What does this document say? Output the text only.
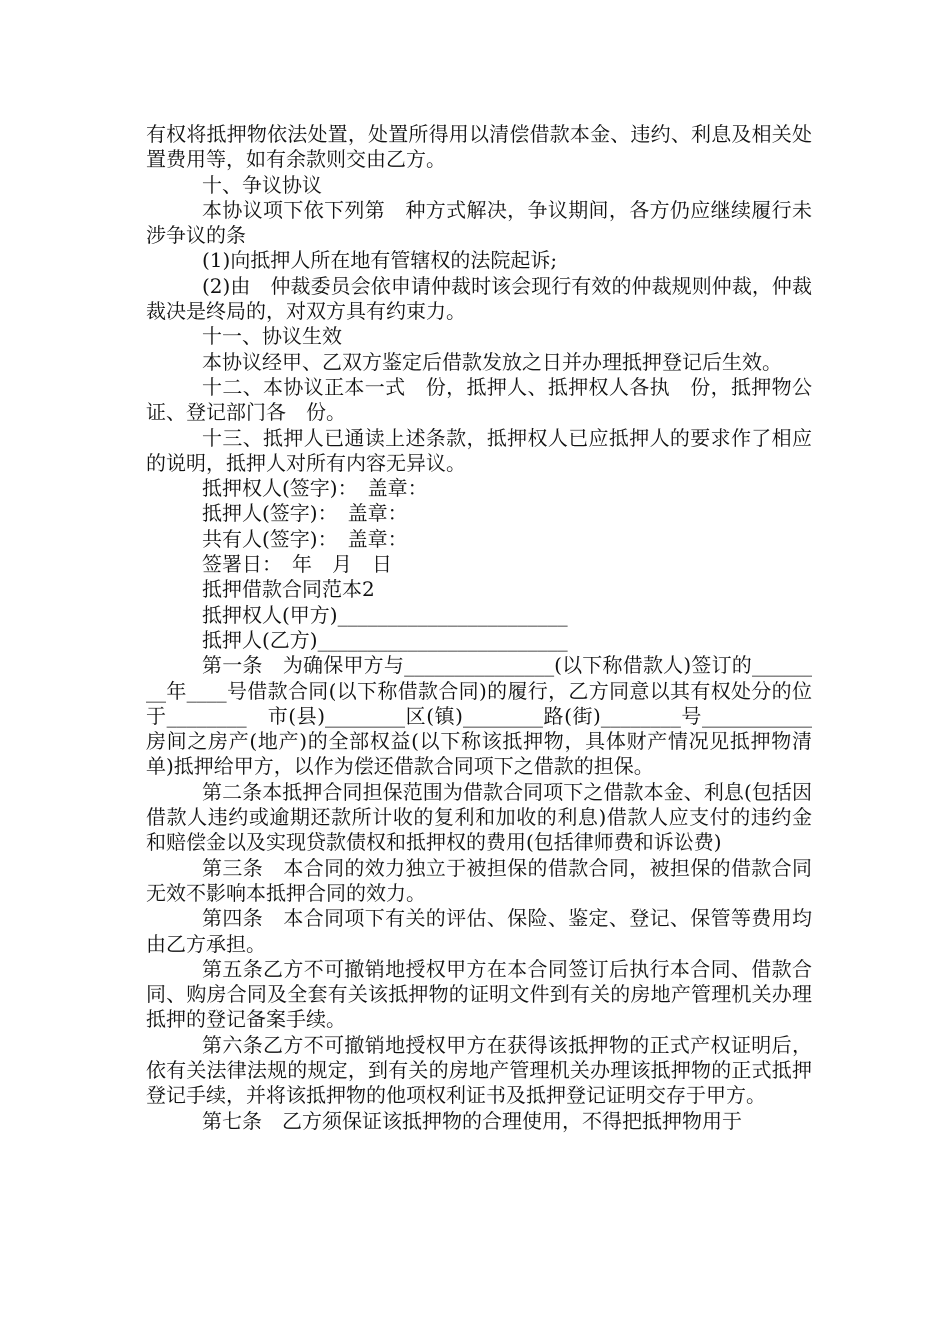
有权将抵押物依法处置，处置所得用以清偿借款本金、违约、利息及相关处置费用等，如有余款则交由乙方。

十、争议协议

本协议项下依下列第　种方式解决，争议期间，各方仍应继续履行未涉争议的条

(1)向抵押人所在地有管辖权的法院起诉;

(2)由　仲裁委员会依申请仲裁时该会现行有效的仲裁规则仲裁，仲裁裁决是终局的，对双方具有约束力。

十一、协议生效

本协议经甲、乙双方鉴定后借款发放之日并办理抵押登记后生效。

十二、本协议正本一式　份，抵押人、抵押权人各执　份，抵押物公证、登记部门各　份。

十三、抵押人已通读上述条款，抵押权人已应抵押人的要求作了相应的说明，抵押人对所有内容无异议。

抵押权人(签字)：　盖章：

抵押人(签字)：　盖章：

共有人(签字)：　盖章：

签署日：　年　月　日

抵押借款合同范本2

抵押权人(甲方)_______________________

抵押人(乙方)_________________________

第一条　为确保甲方与_______________(以下称借款人)签订的________年____号借款合同(以下称借款合同)的履行，乙方同意以其有权处分的位于________　市(县)________区(镇)________路(街)________号___________房间之房产(地产)的全部权益(以下称该抵押物，具体财产情况见抵押物清单)抵押给甲方，以作为偿还借款合同项下之借款的担保。

第二条本抵押合同担保范围为借款合同项下之借款本金、利息(包括因借款人违约或逾期还款所计收的复利和加收的利息)借款人应支付的违约金和赔偿金以及实现贷款债权和抵押权的费用(包括律师费和诉讼费)

第三条　本合同的效力独立于被担保的借款合同，被担保的借款合同无效不影响本抵押合同的效力。

第四条　本合同项下有关的评估、保险、鉴定、登记、保管等费用均由乙方承担。

第五条乙方不可撤销地授权甲方在本合同签订后执行本合同、借款合同、购房合同及全套有关该抵押物的证明文件到有关的房地产管理机关办理抵押的登记备案手续。

第六条乙方不可撤销地授权甲方在获得该抵押物的正式产权证明后，依有关法律法规的规定，到有关的房地产管理机关办理该抵押物的正式抵押登记手续，并将该抵押物的他项权利证书及抵押登记证明交存于甲方。

第七条　乙方须保证该抵押物的合理使用，不得把抵押物用于
